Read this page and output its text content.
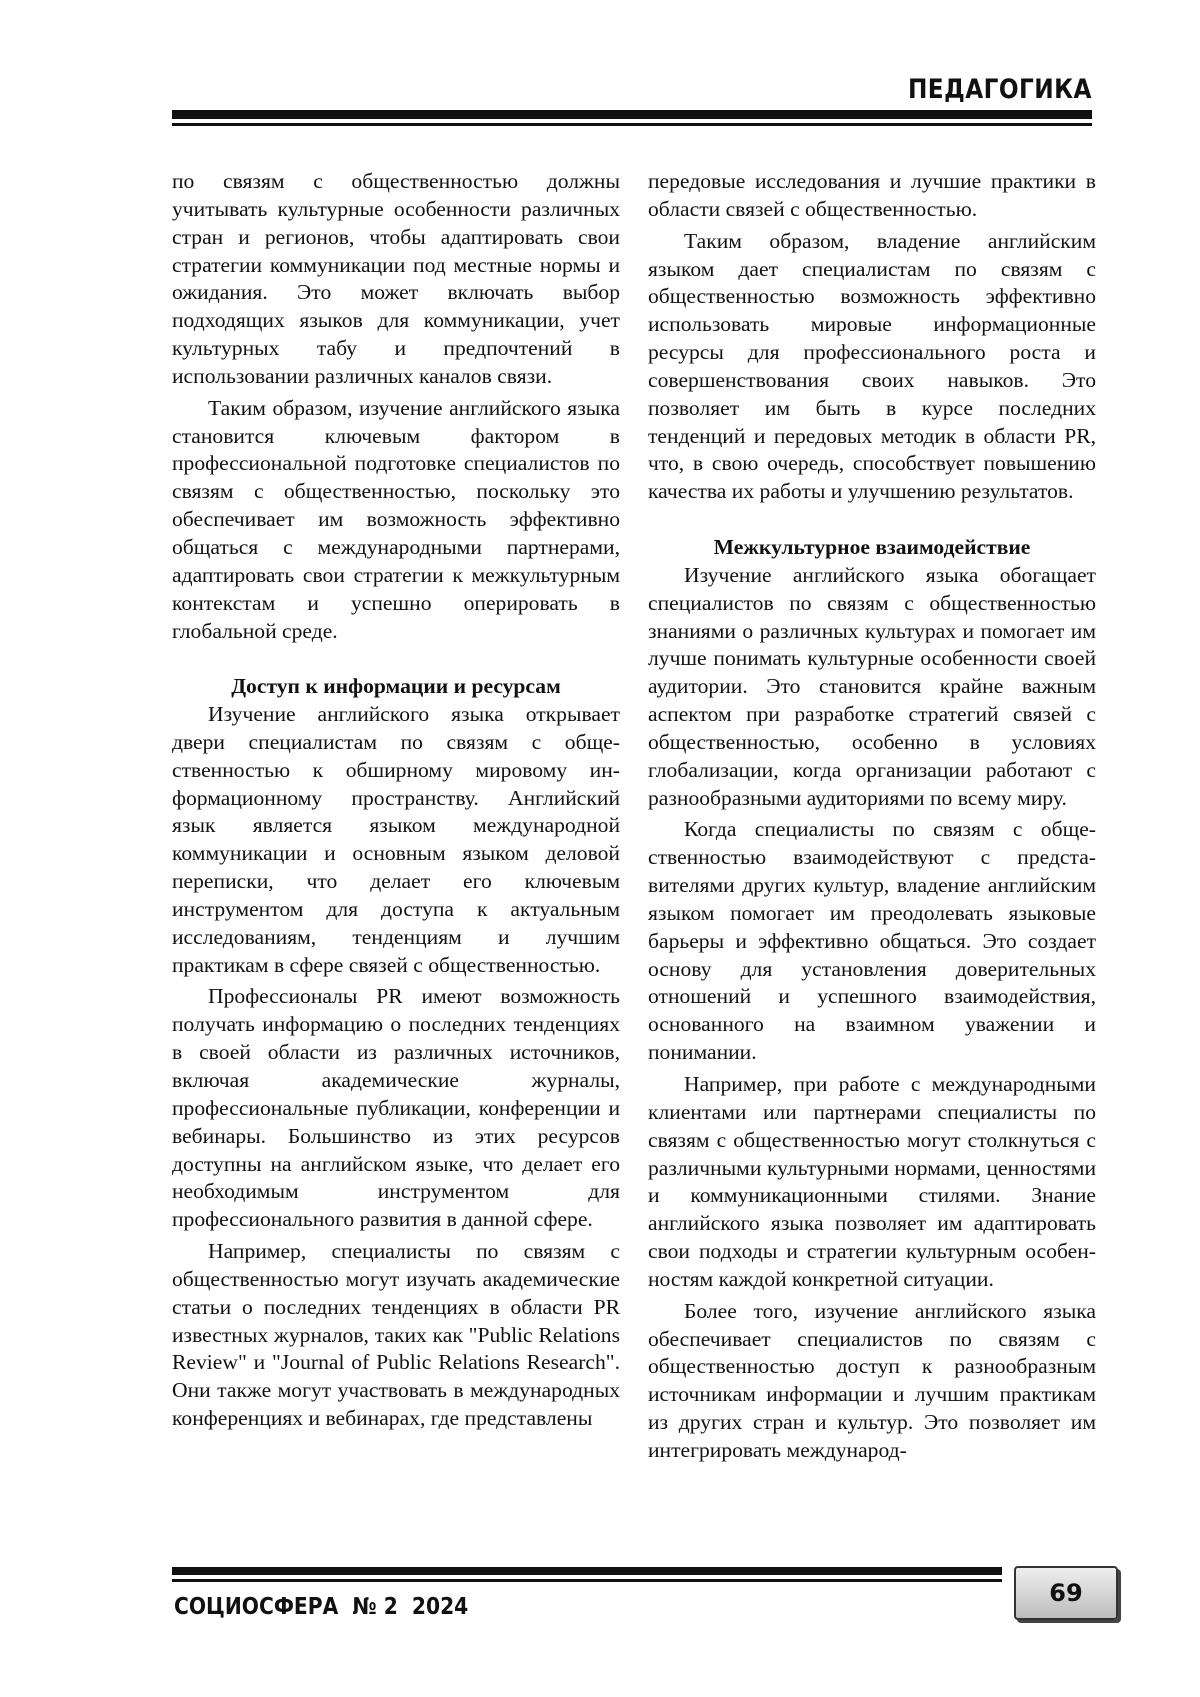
ПЕДАГОГИКА

по связям с общественностью должны учитывать культурные особенности различных стран и регионов, чтобы адаптировать свои стратегии коммуникации под местные нормы и ожидания. Это может включать выбор подходящих языков для коммуникации, учет культурных табу и предпочтений в использовании различных каналов связи.

Таким образом, изучение английского языка становится ключевым фактором в профессиональной подготовке специалистов по связям с общественностью, поскольку это обеспечивает им возможность эффективно общаться с международными партнерами, адаптировать свои стратегии к межкультурным контекстам и успешно оперировать в глобальной среде.

Доступ к информации и ресурсам

Изучение английского языка открывает двери специалистам по связям с общественностью к обширному мировому информационному пространству. Английский язык является языком международной коммуникации и основным языком деловой переписки, что делает его ключевым инструментом для доступа к актуальным исследованиям, тенденциям и лучшим практикам в сфере связей с общественностью.

Профессионалы PR имеют возможность получать информацию о последних тенденциях в своей области из различных источников, включая академические журналы, профессиональные публикации, конференции и вебинары. Большинство из этих ресурсов доступны на английском языке, что делает его необходимым инструментом для профессионального развития в данной сфере.

Например, специалисты по связям с общественностью могут изучать академические статьи о последних тенденциях в области PR известных журналов, таких как "Public Relations Review" и "Journal of Public Relations Research". Они также могут участвовать в международных конференциях и вебинарах, где представлены

передовые исследования и лучшие практики в области связей с общественностью.

Таким образом, владение английским языком дает специалистам по связям с общественностью возможность эффективно использовать мировые информационные ресурсы для профессионального роста и совершенствования своих навыков. Это позволяет им быть в курсе последних тенденций и передовых методик в области PR, что, в свою очередь, способствует повышению качества их работы и улучшению результатов.

Межкультурное взаимодействие

Изучение английского языка обогащает специалистов по связям с общественностью знаниями о различных культурах и помогает им лучше понимать культурные особенности своей аудитории. Это становится крайне важным аспектом при разработке стратегий связей с общественностью, особенно в условиях глобализации, когда организации работают с разнообразными аудиториями по всему миру.

Когда специалисты по связям с общественностью взаимодействуют с представителями других культур, владение английским языком помогает им преодолевать языковые барьеры и эффективно общаться. Это создает основу для установления доверительных отношений и успешного взаимодействия, основанного на взаимном уважении и понимании.

Например, при работе с международными клиентами или партнерами специалисты по связям с общественностью могут столкнуться с различными культурными нормами, ценностями и коммуникационными стилями. Знание английского языка позволяет им адаптировать свои подходы и стратегии культурным особенностям каждой конкретной ситуации.

Более того, изучение английского языка обеспечивает специалистов по связям с общественностью доступ к разнообразным источникам информации и лучшим практикам из других стран и культур. Это позволяет им интегрировать международ-

СОЦИОСФЕРА  № 2  2024	69
